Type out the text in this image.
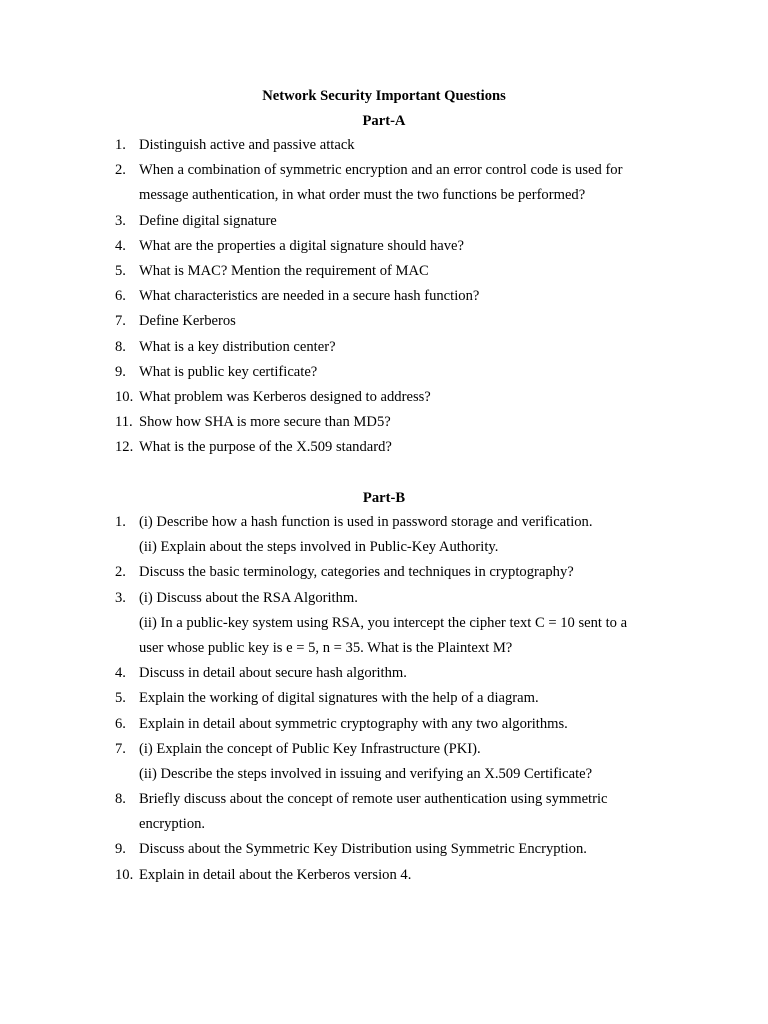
Network Security Important Questions
Part-A
1. Distinguish active and passive attack
2. When a combination of symmetric encryption and an error control code is used for
message authentication, in what order must the two functions be performed?
3. Define digital signature
4. What are the properties a digital signature should have?
5. What is MAC? Mention the requirement of MAC
6. What characteristics are needed in a secure hash function?
7. Define Kerberos
8. What is a key distribution center?
9. What is public key certificate?
10. What problem was Kerberos designed to address?
11. Show how SHA is more secure than MD5?
12. What is the purpose of the X.509 standard?
Part-B
1. (i) Describe how a hash function is used in password storage and verification.
(ii) Explain about the steps involved in Public-Key Authority.
2. Discuss the basic terminology, categories and techniques in cryptography?
3. (i) Discuss about the RSA Algorithm.
(ii) In a public-key system using RSA, you intercept the cipher text C = 10 sent to a
user whose public key is e = 5, n = 35. What is the Plaintext M?
4. Discuss in detail about secure hash algorithm.
5. Explain the working of digital signatures with the help of a diagram.
6. Explain in detail about symmetric cryptography with any two algorithms.
7. (i) Explain the concept of Public Key Infrastructure (PKI).
(ii) Describe the steps involved in issuing and verifying an X.509 Certificate?
8. Briefly discuss about the concept of remote user authentication using symmetric
encryption.
9. Discuss about the Symmetric Key Distribution using Symmetric Encryption.
10. Explain in detail about the Kerberos version 4.
